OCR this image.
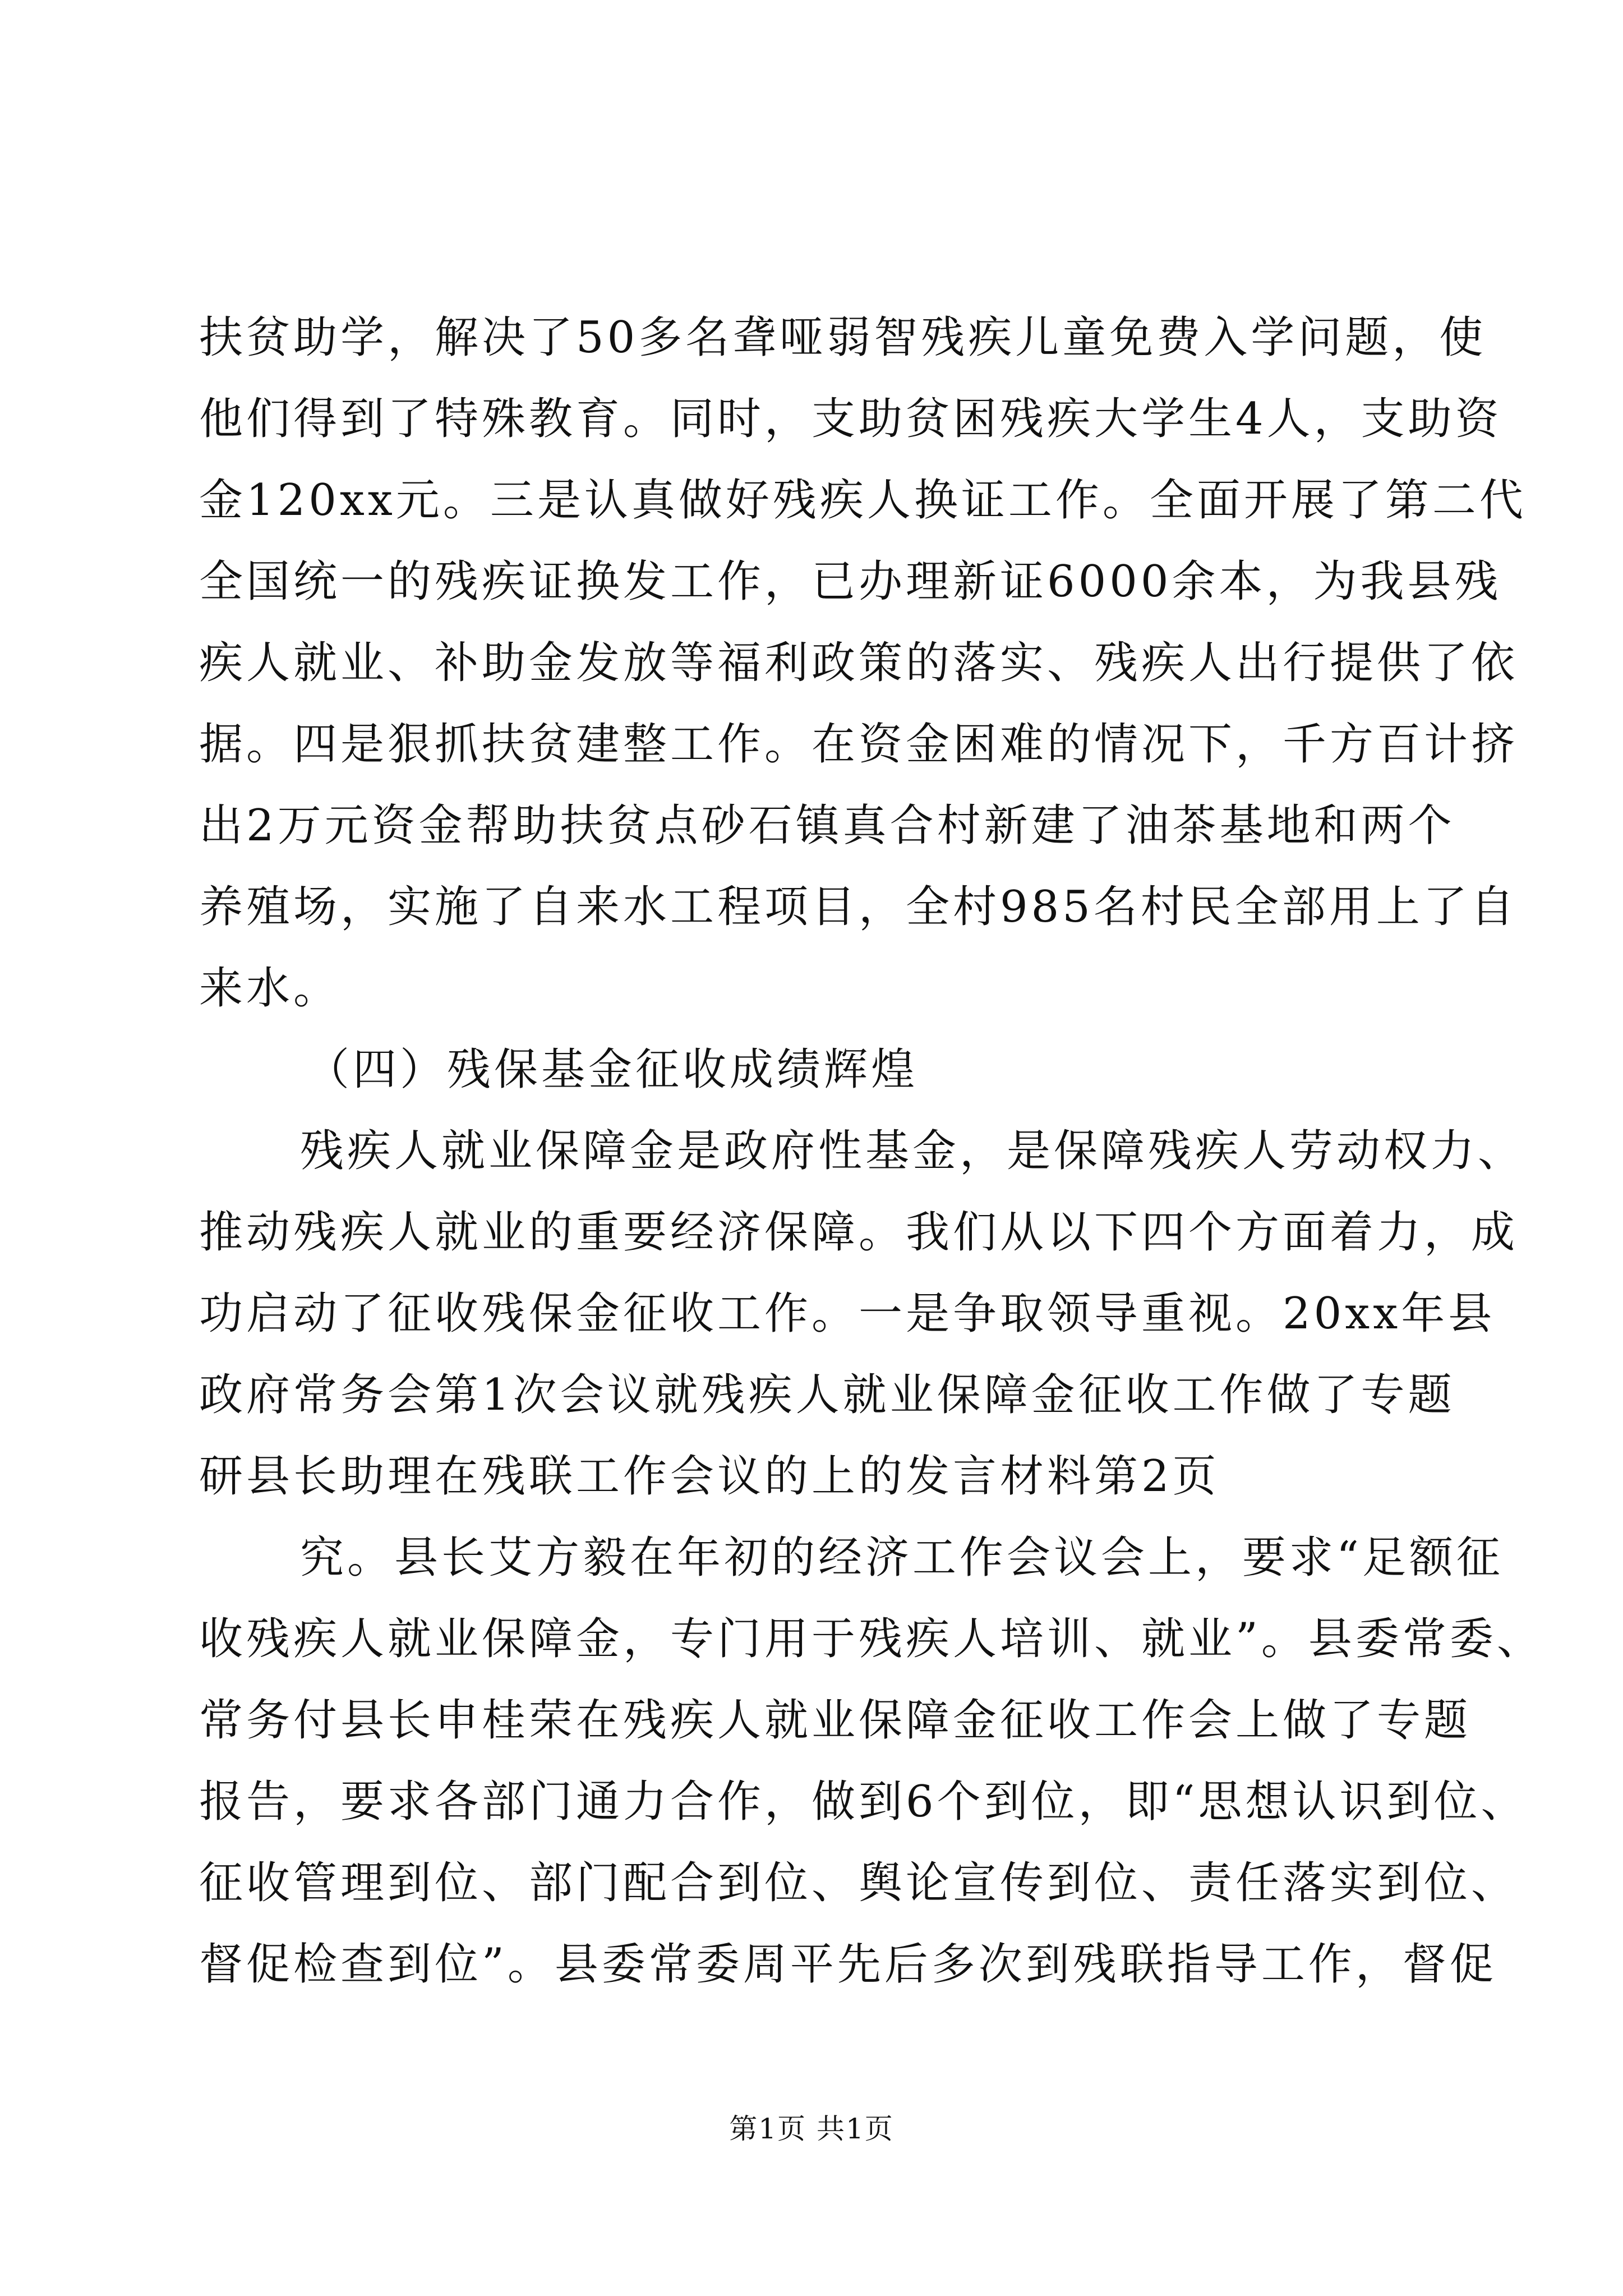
扶贫助学，解决了50多名聋哑弱智残疾儿童免费入学问题，使
他们得到了特殊教育。同时，支助贫困残疾大学生4人，支助资
金120xx元。三是认真做好残疾人换证工作。全面开展了第二代
全国统一的残疾证换发工作，已办理新证6000余本，为我县残
疾人就业、补助金发放等福利政策的落实、残疾人出行提供了依
据。四是狠抓扶贫建整工作。在资金困难的情况下，千方百计挤
出2万元资金帮助扶贫点砂石镇真合村新建了油茶基地和两个
养殖场，实施了自来水工程项目，全村985名村民全部用上了自
来水。
（四）残保基金征收成绩辉煌
残疾人就业保障金是政府性基金，是保障残疾人劳动权力、
推动残疾人就业的重要经济保障。我们从以下四个方面着力，成
功启动了征收残保金征收工作。一是争取领导重视。20xx年县
政府常务会第1次会议就残疾人就业保障金征收工作做了专题
研县长助理在残联工作会议的上的发言材料第2页
究。县长艾方毅在年初的经济工作会议会上，要求“足额征
收残疾人就业保障金，专门用于残疾人培训、就业”。县委常委、
常务付县长申桂荣在残疾人就业保障金征收工作会上做了专题
报告，要求各部门通力合作，做到6个到位，即“思想认识到位、
征收管理到位、部门配合到位、舆论宣传到位、责任落实到位、
督促检查到位”。县委常委周平先后多次到残联指导工作，督促
第1页 共1页
